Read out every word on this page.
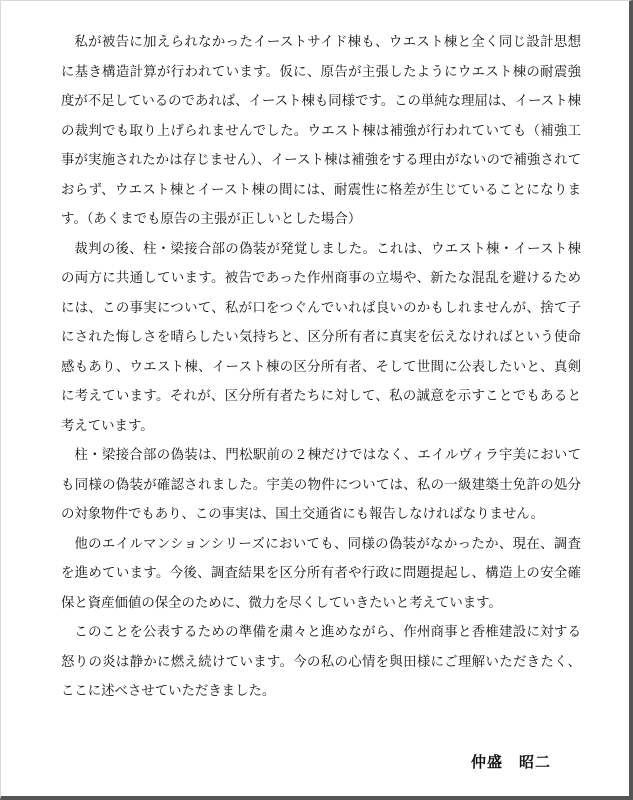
私が被告に加えられなかったイーストサイド棟も、ウエスト棟と全く同じ設計思想に基き構造計算が行われています。仮に、原告が主張したようにウエスト棟の耐震強度が不足しているのであれば、イースト棟も同様です。この単純な理屈は、イースト棟の裁判でも取り上げられませんでした。ウエスト棟は補強が行われていても（補強工事が実施されたかは存じません）、イースト棟は補強をする理由がないので補強されておらず、ウエスト棟とイースト棟の間には、耐震性に格差が生じていることになります。（あくまでも原告の主張が正しいとした場合）

裁判の後、柱・梁接合部の偽装が発覚しました。これは、ウエスト棟・イースト棟の両方に共通しています。被告であった作州商事の立場や、新たな混乱を避けるためには、この事実について、私が口をつぐんでいれば良いのかもしれませんが、捨て子にされた悔しさを晴らしたい気持ちと、区分所有者に真実を伝えなければという使命感もあり、ウエスト棟、イースト棟の区分所有者、そして世間に公表したいと、真剣に考えています。それが、区分所有者たちに対して、私の誠意を示すことでもあると考えています。

柱・梁接合部の偽装は、門松駅前の２棟だけではなく、エイルヴィラ宇美においても同様の偽装が確認されました。宇美の物件については、私の一級建築士免許の処分の対象物件でもあり、この事実は、国土交通省にも報告しなければなりません。

他のエイルマンションシリーズにおいても、同様の偽装がなかったか、現在、調査を進めています。今後、調査結果を区分所有者や行政に問題提起し、構造上の安全確保と資産価値の保全のために、微力を尽くしていきたいと考えています。

このことを公表するための準備を粛々と進めながら、作州商事と香椎建設に対する怒りの炎は静かに燃え続けています。今の私の心情を與田様にご理解いただきたく、ここに述べさせていただきました。

仲盛　昭二
